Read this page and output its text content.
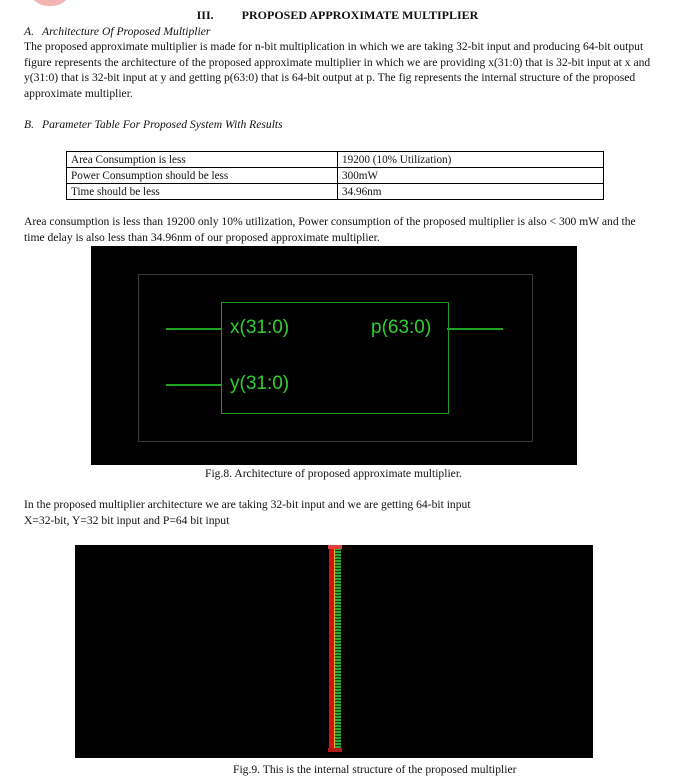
III. PROPOSED APPROXIMATE MULTIPLIER
A. Architecture Of Proposed Multiplier

The proposed approximate multiplier is made for n-bit multiplication in which we are taking 32-bit input and producing 64-bit output figure represents the architecture of the proposed approximate multiplier in which we are providing x(31:0) that is 32-bit input at x and y(31:0) that is 32-bit input at y and getting p(63:0) that is 64-bit output at p. The fig represents the internal structure of the proposed approximate multiplier.

B. Parameter Table For Proposed System With Results
Area Consumption is less	19200 (10% Utilization)
Power Consumption should be less	300mW
Time should be less	34.96nm

Area consumption is less than 19200 only 10% utilization, Power consumption of the proposed multiplier is also < 300 mW and the time delay is also less than 34.96nm of our proposed approximate multiplier.

x(31:0)
y(31:0)
p(63:0)
Fig.8. Architecture of proposed approximate multiplier.

In the proposed multiplier architecture we are taking 32-bit input and we are getting 64-bit input

X=32-bit, Y=32 bit input and P=64 bit input

Fig.9. This is the internal structure of the proposed multiplier
